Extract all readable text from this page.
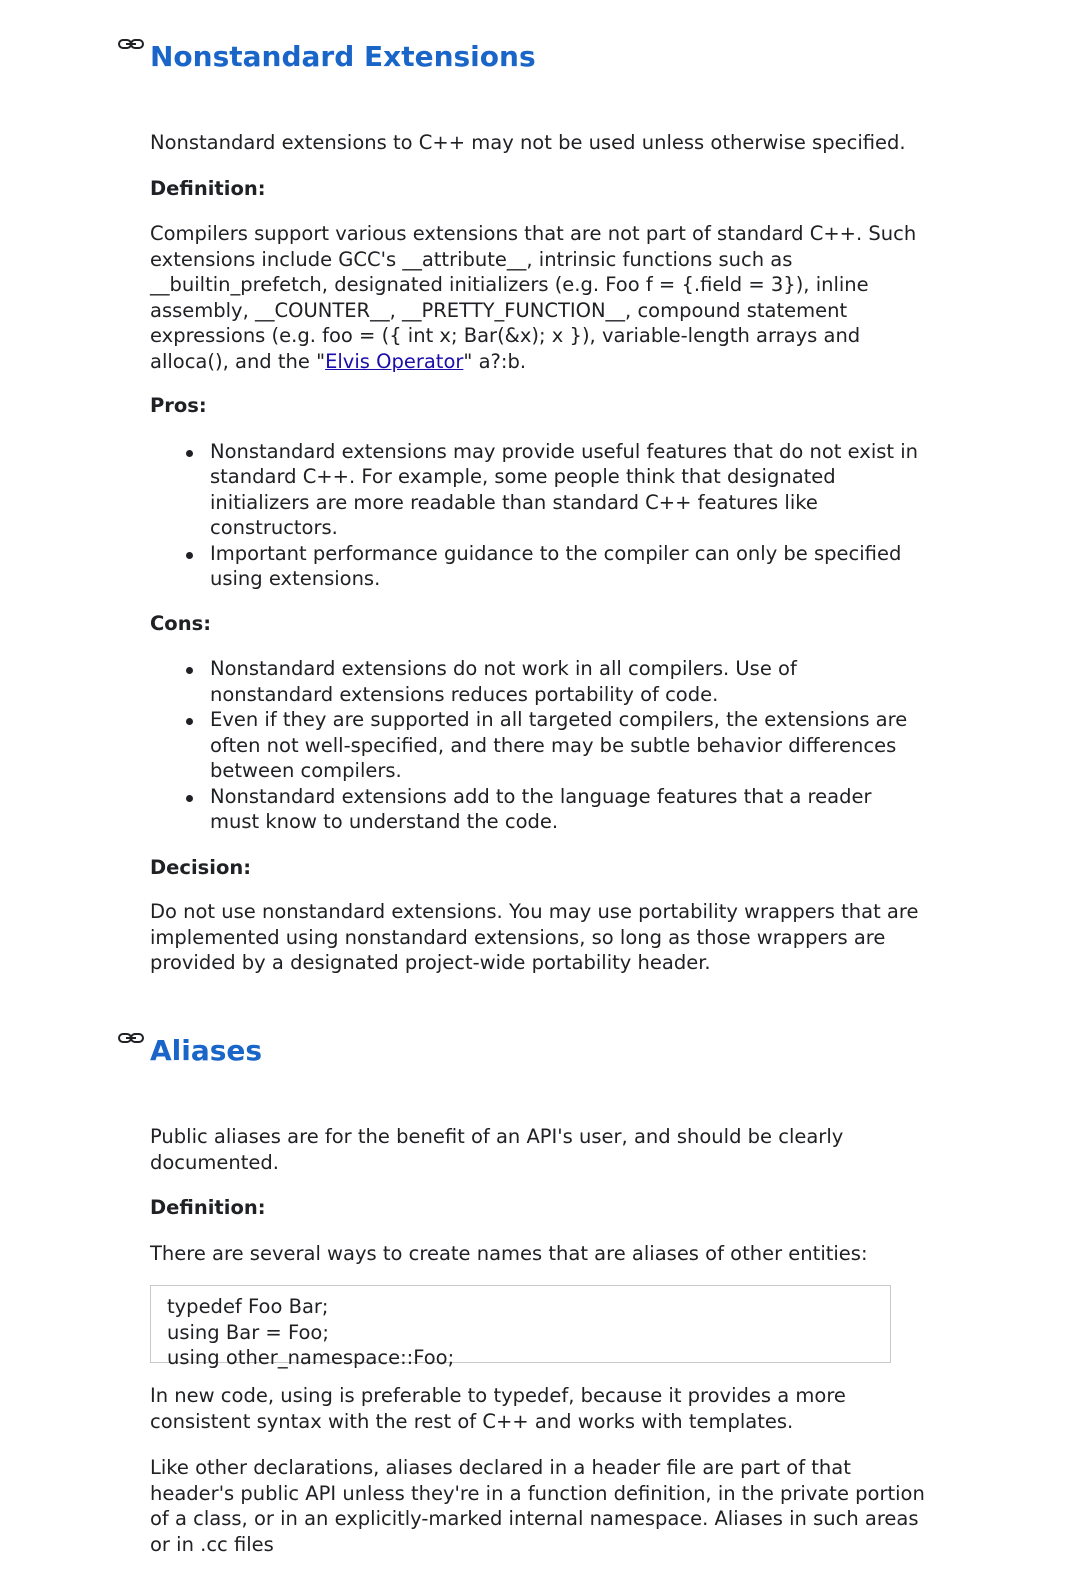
Nonstandard Extensions

Nonstandard extensions to C++ may not be used unless otherwise specified.

Definition:

Compilers support various extensions that are not part of standard C++. Such extensions include GCC's __attribute__, intrinsic functions such as __builtin_prefetch, designated initializers (e.g. Foo f = {.field = 3}), inline assembly, __COUNTER__, __PRETTY_FUNCTION__, compound statement expressions (e.g. foo = ({ int x; Bar(&x); x }), variable-length arrays and alloca(), and the "Elvis Operator" a?:b.

Pros:

Nonstandard extensions may provide useful features that do not exist in standard C++. For example, some people think that designated initializers are more readable than standard C++ features like constructors.
Important performance guidance to the compiler can only be specified using extensions.

Cons:

Nonstandard extensions do not work in all compilers. Use of nonstandard extensions reduces portability of code.
Even if they are supported in all targeted compilers, the extensions are often not well-specified, and there may be subtle behavior differences between compilers.
Nonstandard extensions add to the language features that a reader must know to understand the code.

Decision:

Do not use nonstandard extensions. You may use portability wrappers that are implemented using nonstandard extensions, so long as those wrappers are provided by a designated project-wide portability header.

Aliases

Public aliases are for the benefit of an API's user, and should be clearly documented.

Definition:

There are several ways to create names that are aliases of other entities:

typedef Foo Bar;
using Bar = Foo;
using other_namespace::Foo;

In new code, using is preferable to typedef, because it provides a more consistent syntax with the rest of C++ and works with templates.

Like other declarations, aliases declared in a header file are part of that header's public API unless they're in a function definition, in the private portion of a class, or in an explicitly-marked internal namespace. Aliases in such areas or in .cc files
